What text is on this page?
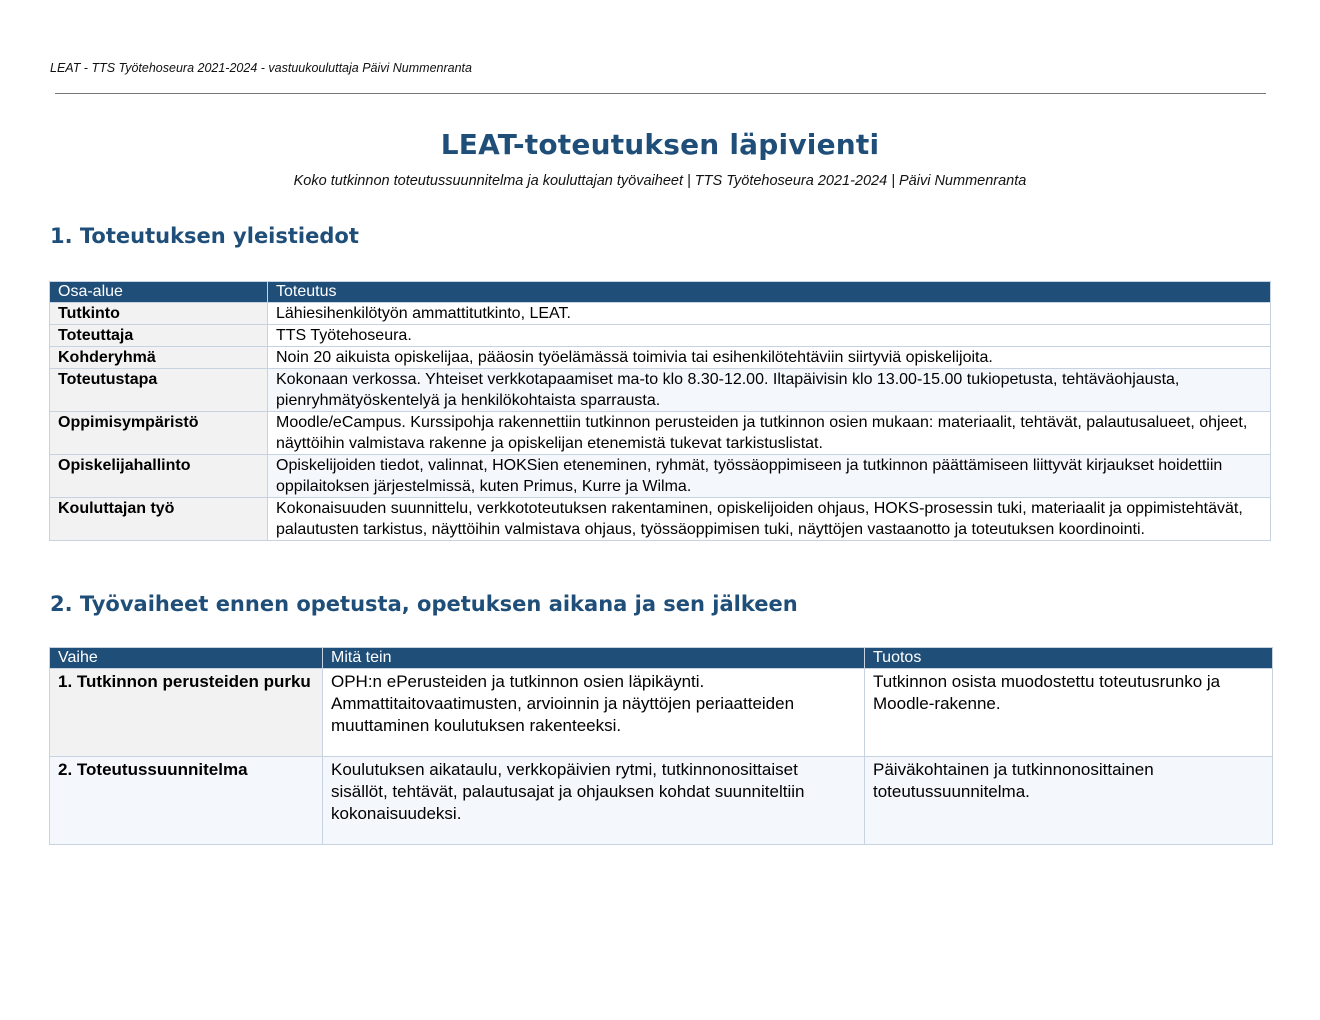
LEAT - TTS Työtehoseura 2021-2024 - vastuukouluttaja Päivi Nummenranta
LEAT-toteutuksen läpivienti
Koko tutkinnon toteutussuunnitelma ja kouluttajan työvaiheet | TTS Työtehoseura 2021-2024 | Päivi Nummenranta
1. Toteutuksen yleistiedot
Osa-alue	Toteutus
Tutkinto	Lähiesihenkilötyön ammattitutkinto, LEAT.
Toteuttaja	TTS Työtehoseura.
Kohderyhmä	Noin 20 aikuista opiskelijaa, pääosin työelämässä toimivia tai esihenkilötehtäviin siirtyviä opiskelijoita.
Toteutustapa	Kokonaan verkossa. Yhteiset verkkotapaamiset ma-to klo 8.30-12.00. Iltapäivisin klo 13.00-15.00 tukiopetusta, tehtäväohjausta, pienryhmätyöskentelyä ja henkilökohtaista sparrausta.
Oppimisympäristö	Moodle/eCampus. Kurssipohja rakennettiin tutkinnon perusteiden ja tutkinnon osien mukaan: materiaalit, tehtävät, palautusalueet, ohjeet, näyttöihin valmistava rakenne ja opiskelijan etenemistä tukevat tarkistuslistat.
Opiskelijahallinto	Opiskelijoiden tiedot, valinnat, HOKSien eteneminen, ryhmät, työssäoppimiseen ja tutkinnon päättämiseen liittyvät kirjaukset hoidettiin oppilaitoksen järjestelmissä, kuten Primus, Kurre ja Wilma.
Kouluttajan työ	Kokonaisuuden suunnittelu, verkkototeutuksen rakentaminen, opiskelijoiden ohjaus, HOKS-prosessin tuki, materiaalit ja oppimistehtävät, palautusten tarkistus, näyttöihin valmistava ohjaus, työssäoppimisen tuki, näyttöjen vastaanotto ja toteutuksen koordinointi.
2. Työvaiheet ennen opetusta, opetuksen aikana ja sen jälkeen
Vaihe	Mitä tein	Tuotos
1. Tutkinnon perusteiden purku	OPH:n ePerusteiden ja tutkinnon osien läpikäynti. Ammattitaitovaatimusten, arvioinnin ja näyttöjen periaatteiden muuttaminen koulutuksen rakenteeksi.	Tutkinnon osista muodostettu toteutusrunko ja Moodle-rakenne.
2. Toteutussuunnitelma	Koulutuksen aikataulu, verkkopäivien rytmi, tutkinnonosittaiset sisällöt, tehtävät, palautusajat ja ohjauksen kohdat suunniteltiin kokonaisuudeksi.	Päiväkohtainen ja tutkinnonosittainen toteutussuunnitelma.
